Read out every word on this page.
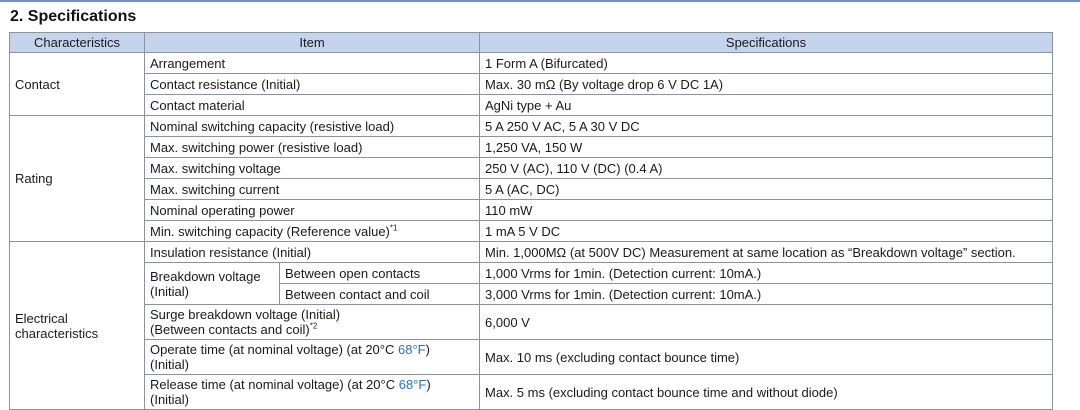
2. Specifications
Characteristics	Item		Specifications
Contact	Arrangement		1 Form A (Bifurcated)
	Contact resistance (Initial)		Max. 30 mΩ (By voltage drop 6 V DC 1A)
	Contact material		AgNi type + Au
Rating	Nominal switching capacity (resistive load)		5 A 250 V AC, 5 A 30 V DC
	Max. switching power (resistive load)		1,250 VA, 150 W
	Max. switching voltage		250 V (AC), 110 V (DC) (0.4 A)
	Max. switching current		5 A (AC, DC)
	Nominal operating power		110 mW
	Min. switching capacity (Reference value)$^{*1}$		1 mA 5 V DC
Electrical
characteristics	Insulation resistance (Initial)		Min. 1,000MΩ (at 500V DC) Measurement at same location as “Breakdown voltage” section.
	Breakdown voltage
(Initial)	Between open contacts	1,000 Vrms for 1min. (Detection current: 10mA.)
		Between contact and coil	3,000 Vrms for 1min. (Detection current: 10mA.)
	Surge breakdown voltage (Initial)
(Between contacts and coil)$^{*2}$		6,000 V
	Operate time (at nominal voltage) (at 20°C 68°F)
(Initial)		Max. 10 ms (excluding contact bounce time)
	Release time (at nominal voltage) (at 20°C 68°F)
(Initial)		Max. 5 ms (excluding contact bounce time and without diode)
